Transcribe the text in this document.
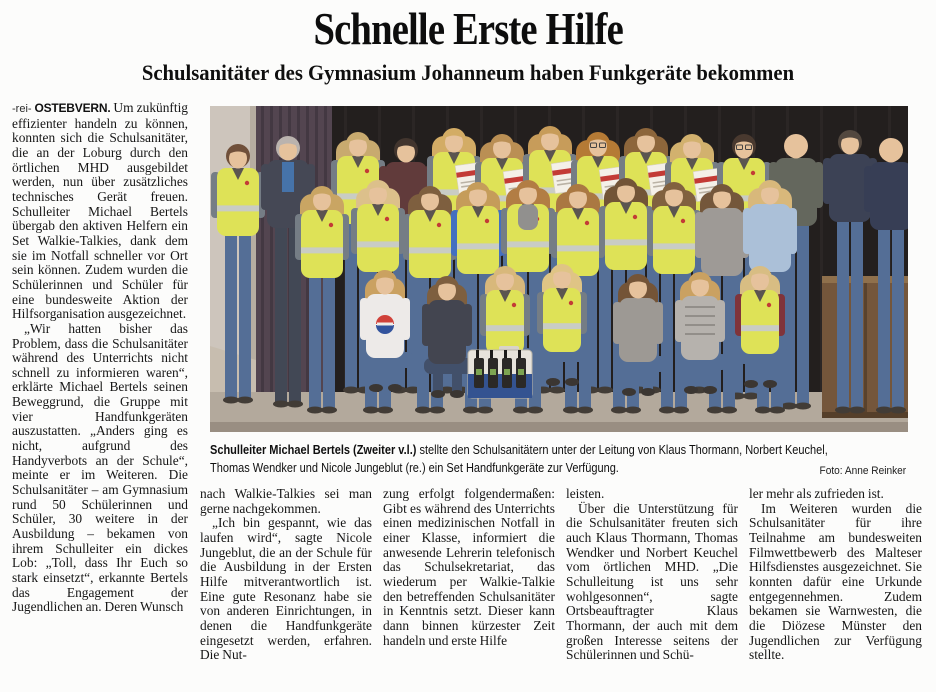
Schnelle Erste Hilfe
Schulsanitäter des Gymnasium Johanneum haben Funkgeräte bekommen

-rei- OSTEBVERN. Um zukünftig effizienter handeln zu können, konnten sich die Schulsanitäter, die an der Loburg durch den örtlichen MHD ausgebildet werden, nun über zusätzliches technisches Gerät freuen. Schulleiter Michael Bertels übergab den aktiven Helfern ein Set Walkie-Talkies, dank dem sie im Notfall schneller vor Ort sein können. Zudem wurden die Schülerinnen und Schüler für eine bundesweite Aktion der Hilfsorganisation ausgezeichnet.

„Wir hatten bisher das Problem, dass die Schulsanitäter während des Unterrichts nicht schnell zu informieren waren“, erklärte Michael Bertels seinen Beweggrund, die Gruppe mit vier Handfunkgeräten auszustatten. „Anders ging es nicht, aufgrund des Handyverbots an der Schule“, meinte er im Weiteren. Die Schulsanitäter – am Gymnasium rund 50 Schülerinnen und Schüler, 30 weitere in der Ausbildung – bekamen von ihrem Schulleiter ein dickes Lob: „Toll, dass Ihr Euch so stark einsetzt“, erkannte Bertels das Engagement der Jugendlichen an. Deren Wunsch

nach Walkie-Talkies sei man gerne nachgekommen.

„Ich bin gespannt, wie das laufen wird“, sagte Nicole Jungeblut, die an der Schule für die Ausbildung in der Ersten Hilfe mitverantwortlich ist. Eine gute Resonanz habe sie von anderen Einrichtungen, in denen die Handfunkgeräte eingesetzt werden, erfahren. Die Nut-

zung erfolgt folgendermaßen: Gibt es während des Unterrichts einen medizinischen Notfall in einer Klasse, informiert die anwesende Lehrerin telefonisch das Schulsekretariat, das wiederum per Walkie-Talkie den betreffenden Schulsanitäter in Kenntnis setzt. Dieser kann dann binnen kürzester Zeit handeln und erste Hilfe

leisten.

Über die Unterstützung für die Schulsanitäter freuten sich auch Klaus Thormann, Thomas Wendker und Norbert Keuchel vom örtlichen MHD. „Die Schulleitung ist uns sehr wohlgesonnen“, sagte Ortsbeauftragter Klaus Thormann, der auch mit dem großen Interesse seitens der Schülerinnen und Schü-

ler mehr als zufrieden ist.

Im Weiteren wurden die Schulsanitäter für ihre Teilnahme am bundesweiten Filmwettbewerb des Malteser Hilfsdienstes ausgezeichnet. Sie konnten dafür eine Urkunde entgegennehmen. Zudem bekamen sie Warnwesten, die die Diözese Münster den Jugendlichen zur Verfügung stellte.

Schulleiter Michael Bertels (Zweiter v.l.) stellte den Schulsanitätern unter der Leitung von Klaus Thormann, Norbert Keuchel,
Thomas Wendker und Nicole Jungeblut (re.) ein Set Handfunkgeräte zur Verfügung.	Foto: Anne Reinker
